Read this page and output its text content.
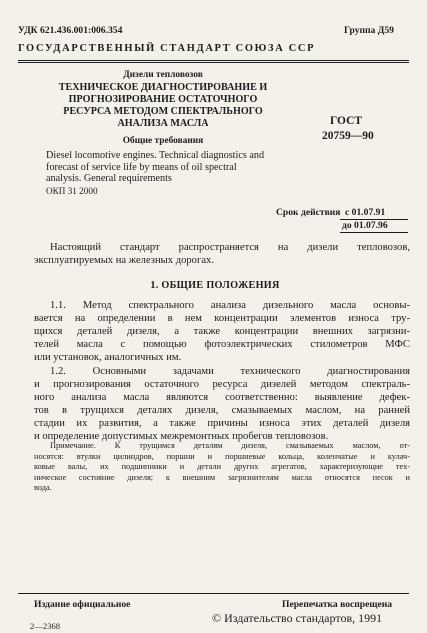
УДК 621.436.001:006.354	Группа Д59
ГОСУДАРСТВЕННЫЙ СТАНДАРТ СОЮЗА ССР
Дизели тепловозов
ТЕХНИЧЕСКОЕ ДИАГНОСТИРОВАНИЕ И
ПРОГНОЗИРОВАНИЕ ОСТАТОЧНОГО
РЕСУРСА МЕТОДОМ СПЕКТРАЛЬНОГО
АНАЛИЗА МАСЛА
Общие требования
Diesel locomotive engines. Technical diagnostics and
forecast of service life by means of oil spectral
analysis. General requirements
ОКП 31 2000
ГОСТ
20759—90
Срок действия с 01.07.91
до 01.07.96

Настоящий стандарт распространяется на дизели тепловозов,

эксплуатируемых на железных дорогах.

1. ОБЩИЕ ПОЛОЖЕНИЯ

1.1. Метод спектрального анализа дизельного масла основы-

вается на определении в нем концентрации элементов износа тру-

щихся деталей дизеля, а также концентрации внешних загрязни-

телей масла с помощью фотоэлектрических стилометров МФС

или установок, аналогичных им.

1.2. Основными задачами технического диагностирования

и прогнозирования остаточного ресурса дизелей методом спектраль-

ного анализа масла являются соответственно: выявление дефек-

тов в трущихся деталях дизеля, смазываемых маслом, на ранней

стадии их развития, а также причины износа этих деталей дизеля

и определение допустимых межремонтных пробегов тепловозов.

Примечание. К трущимся деталям дизеля, смазываемых маслом, от-

носятся: втулки цилиндров, поршни и поршневые кольца, коленчатые и кулач-

ковые валы, их подшипники и детали других агрегатов, характеризующие тех-

ническое состояние дизеля; к внешним загрязнителям масла относятся песок и

вода.

Издание официальное	Перепечатка воспрещена
© Издательство стандартов, 1991
2—2368
